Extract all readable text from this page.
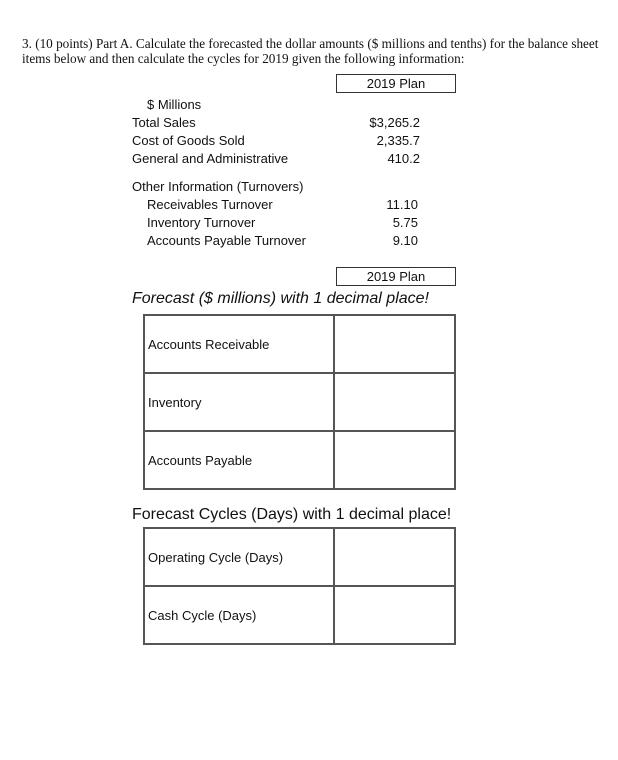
3. (10 points) Part A. Calculate the forecasted the dollar amounts ($ millions and tenths) for the balance sheet items below and then calculate the cycles for 2019 given the following information:
2019 Plan
$ Millions
Total Sales	$3,265.2
Cost of Goods Sold	2,335.7
General and Administrative	410.2
Other Information (Turnovers)
Receivables Turnover	11.10
Inventory Turnover	5.75
Accounts Payable Turnover	9.10
2019 Plan
Forecast ($ millions) with 1 decimal place!
Accounts Receivable	
Inventory	
Accounts Payable	
Forecast Cycles (Days) with 1 decimal place!
Operating Cycle (Days)	
Cash Cycle (Days)	
